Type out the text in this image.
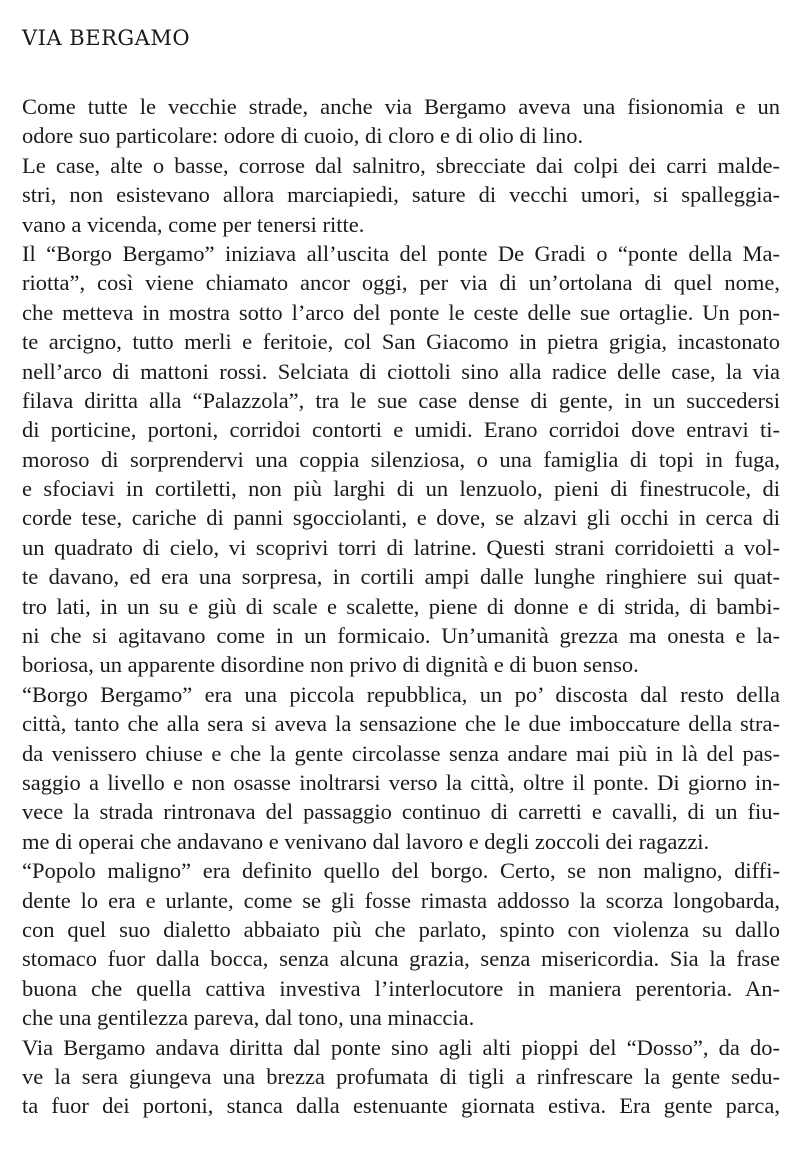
VIA BERGAMO
Come tutte le vecchie strade, anche via Bergamo aveva una fisionomia e un
odore suo particolare: odore di cuoio, di cloro e di olio di lino.
Le case, alte o basse, corrose dal salnitro, sbrecciate dai colpi dei carri malde-
stri, non esistevano allora marciapiedi, sature di vecchi umori, si spalleggia-
vano a vicenda, come per tenersi ritte.
Il “Borgo Bergamo” iniziava all’uscita del ponte De Gradi o “ponte della Ma-
riotta”, così viene chiamato ancor oggi, per via di un’ortolana di quel nome,
che metteva in mostra sotto l’arco del ponte le ceste delle sue ortaglie. Un pon-
te arcigno, tutto merli e feritoie, col San Giacomo in pietra grigia, incastonato
nell’arco di mattoni rossi. Selciata di ciottoli sino alla radice delle case, la via
filava diritta alla “Palazzola”, tra le sue case dense di gente, in un succedersi
di porticine, portoni, corridoi contorti e umidi. Erano corridoi dove entravi ti-
moroso di sorprendervi una coppia silenziosa, o una famiglia di topi in fuga,
e sfociavi in cortiletti, non più larghi di un lenzuolo, pieni di finestrucole, di
corde tese, cariche di panni sgocciolanti, e dove, se alzavi gli occhi in cerca di
un quadrato di cielo, vi scoprivi torri di latrine. Questi strani corridoietti a vol-
te davano, ed era una sorpresa, in cortili ampi dalle lunghe ringhiere sui quat-
tro lati, in un su e giù di scale e scalette, piene di donne e di strida, di bambi-
ni che si agitavano come in un formicaio. Un’umanità grezza ma onesta e la-
boriosa, un apparente disordine non privo di dignità e di buon senso.
“Borgo Bergamo” era una piccola repubblica, un po’ discosta dal resto della
città, tanto che alla sera si aveva la sensazione che le due imboccature della stra-
da venissero chiuse e che la gente circolasse senza andare mai più in là del pas-
saggio a livello e non osasse inoltrarsi verso la città, oltre il ponte. Di giorno in-
vece la strada rintronava del passaggio continuo di carretti e cavalli, di un fiu-
me di operai che andavano e venivano dal lavoro e degli zoccoli dei ragazzi.
“Popolo maligno” era definito quello del borgo. Certo, se non maligno, diffi-
dente lo era e urlante, come se gli fosse rimasta addosso la scorza longobarda,
con quel suo dialetto abbaiato più che parlato, spinto con violenza su dallo
stomaco fuor dalla bocca, senza alcuna grazia, senza misericordia. Sia la frase
buona che quella cattiva investiva l’interlocutore in maniera perentoria. An-
che una gentilezza pareva, dal tono, una minaccia.
Via Bergamo andava diritta dal ponte sino agli alti pioppi del “Dosso”, da do-
ve la sera giungeva una brezza profumata di tigli a rinfrescare la gente sedu-
ta fuor dei portoni, stanca dalla estenuante giornata estiva. Era gente parca,
